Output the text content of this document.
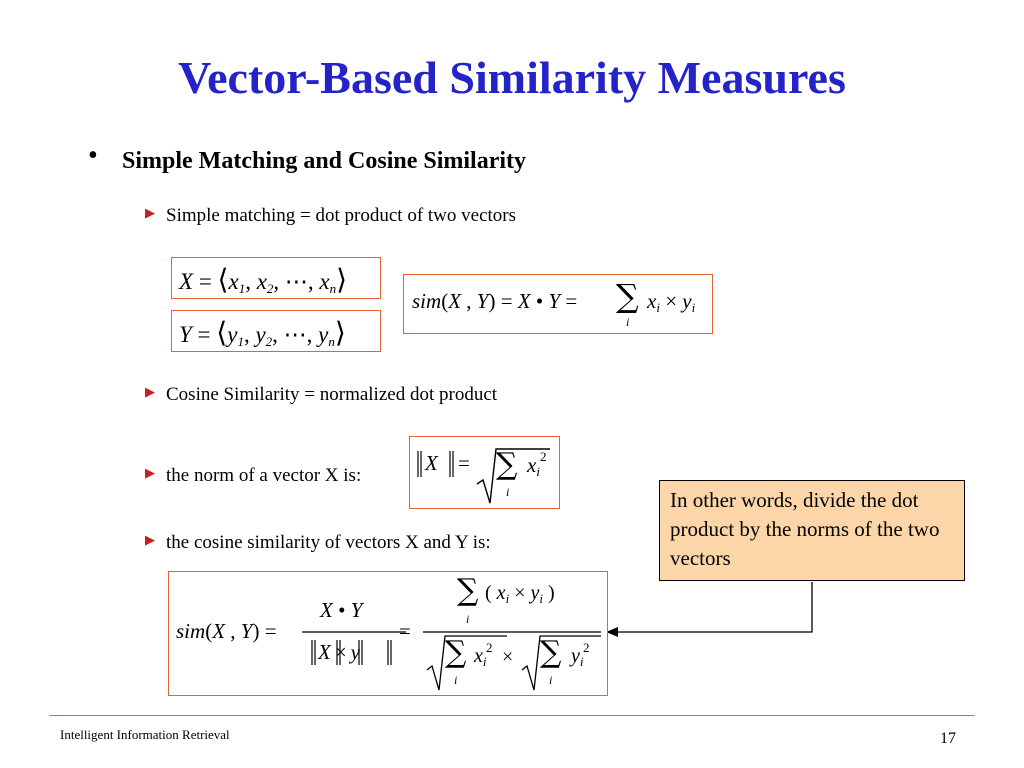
Vector-Based Similarity Measures
• Simple Matching and Cosine Similarity
▶ Simple matching = dot product of two vectors
$X = ⟨x_1$, $x_2$, ⋯, $x_n⟩$
$Y = ⟨y_1$, $y_2$, ⋯, $y_n⟩$
sim(X , Y) = X • Y = ∑
i
$x_i \times y_i$
▶ Cosine Similarity = normalized dot product
▶ the norm of a vector X is:
X = ∑
i
$x_i$
2
▶ the cosine similarity of vectors X and Y is:
In other words, divide the dot product by the norms of the two vectors
sim(X , Y) =
X • Y
X × y
=
∑
i
( $x_i \times y_i$ )
∑
i
$x_i$
2 × ∑
i
$y_i$
2
Intelligent Information Retrieval	17
